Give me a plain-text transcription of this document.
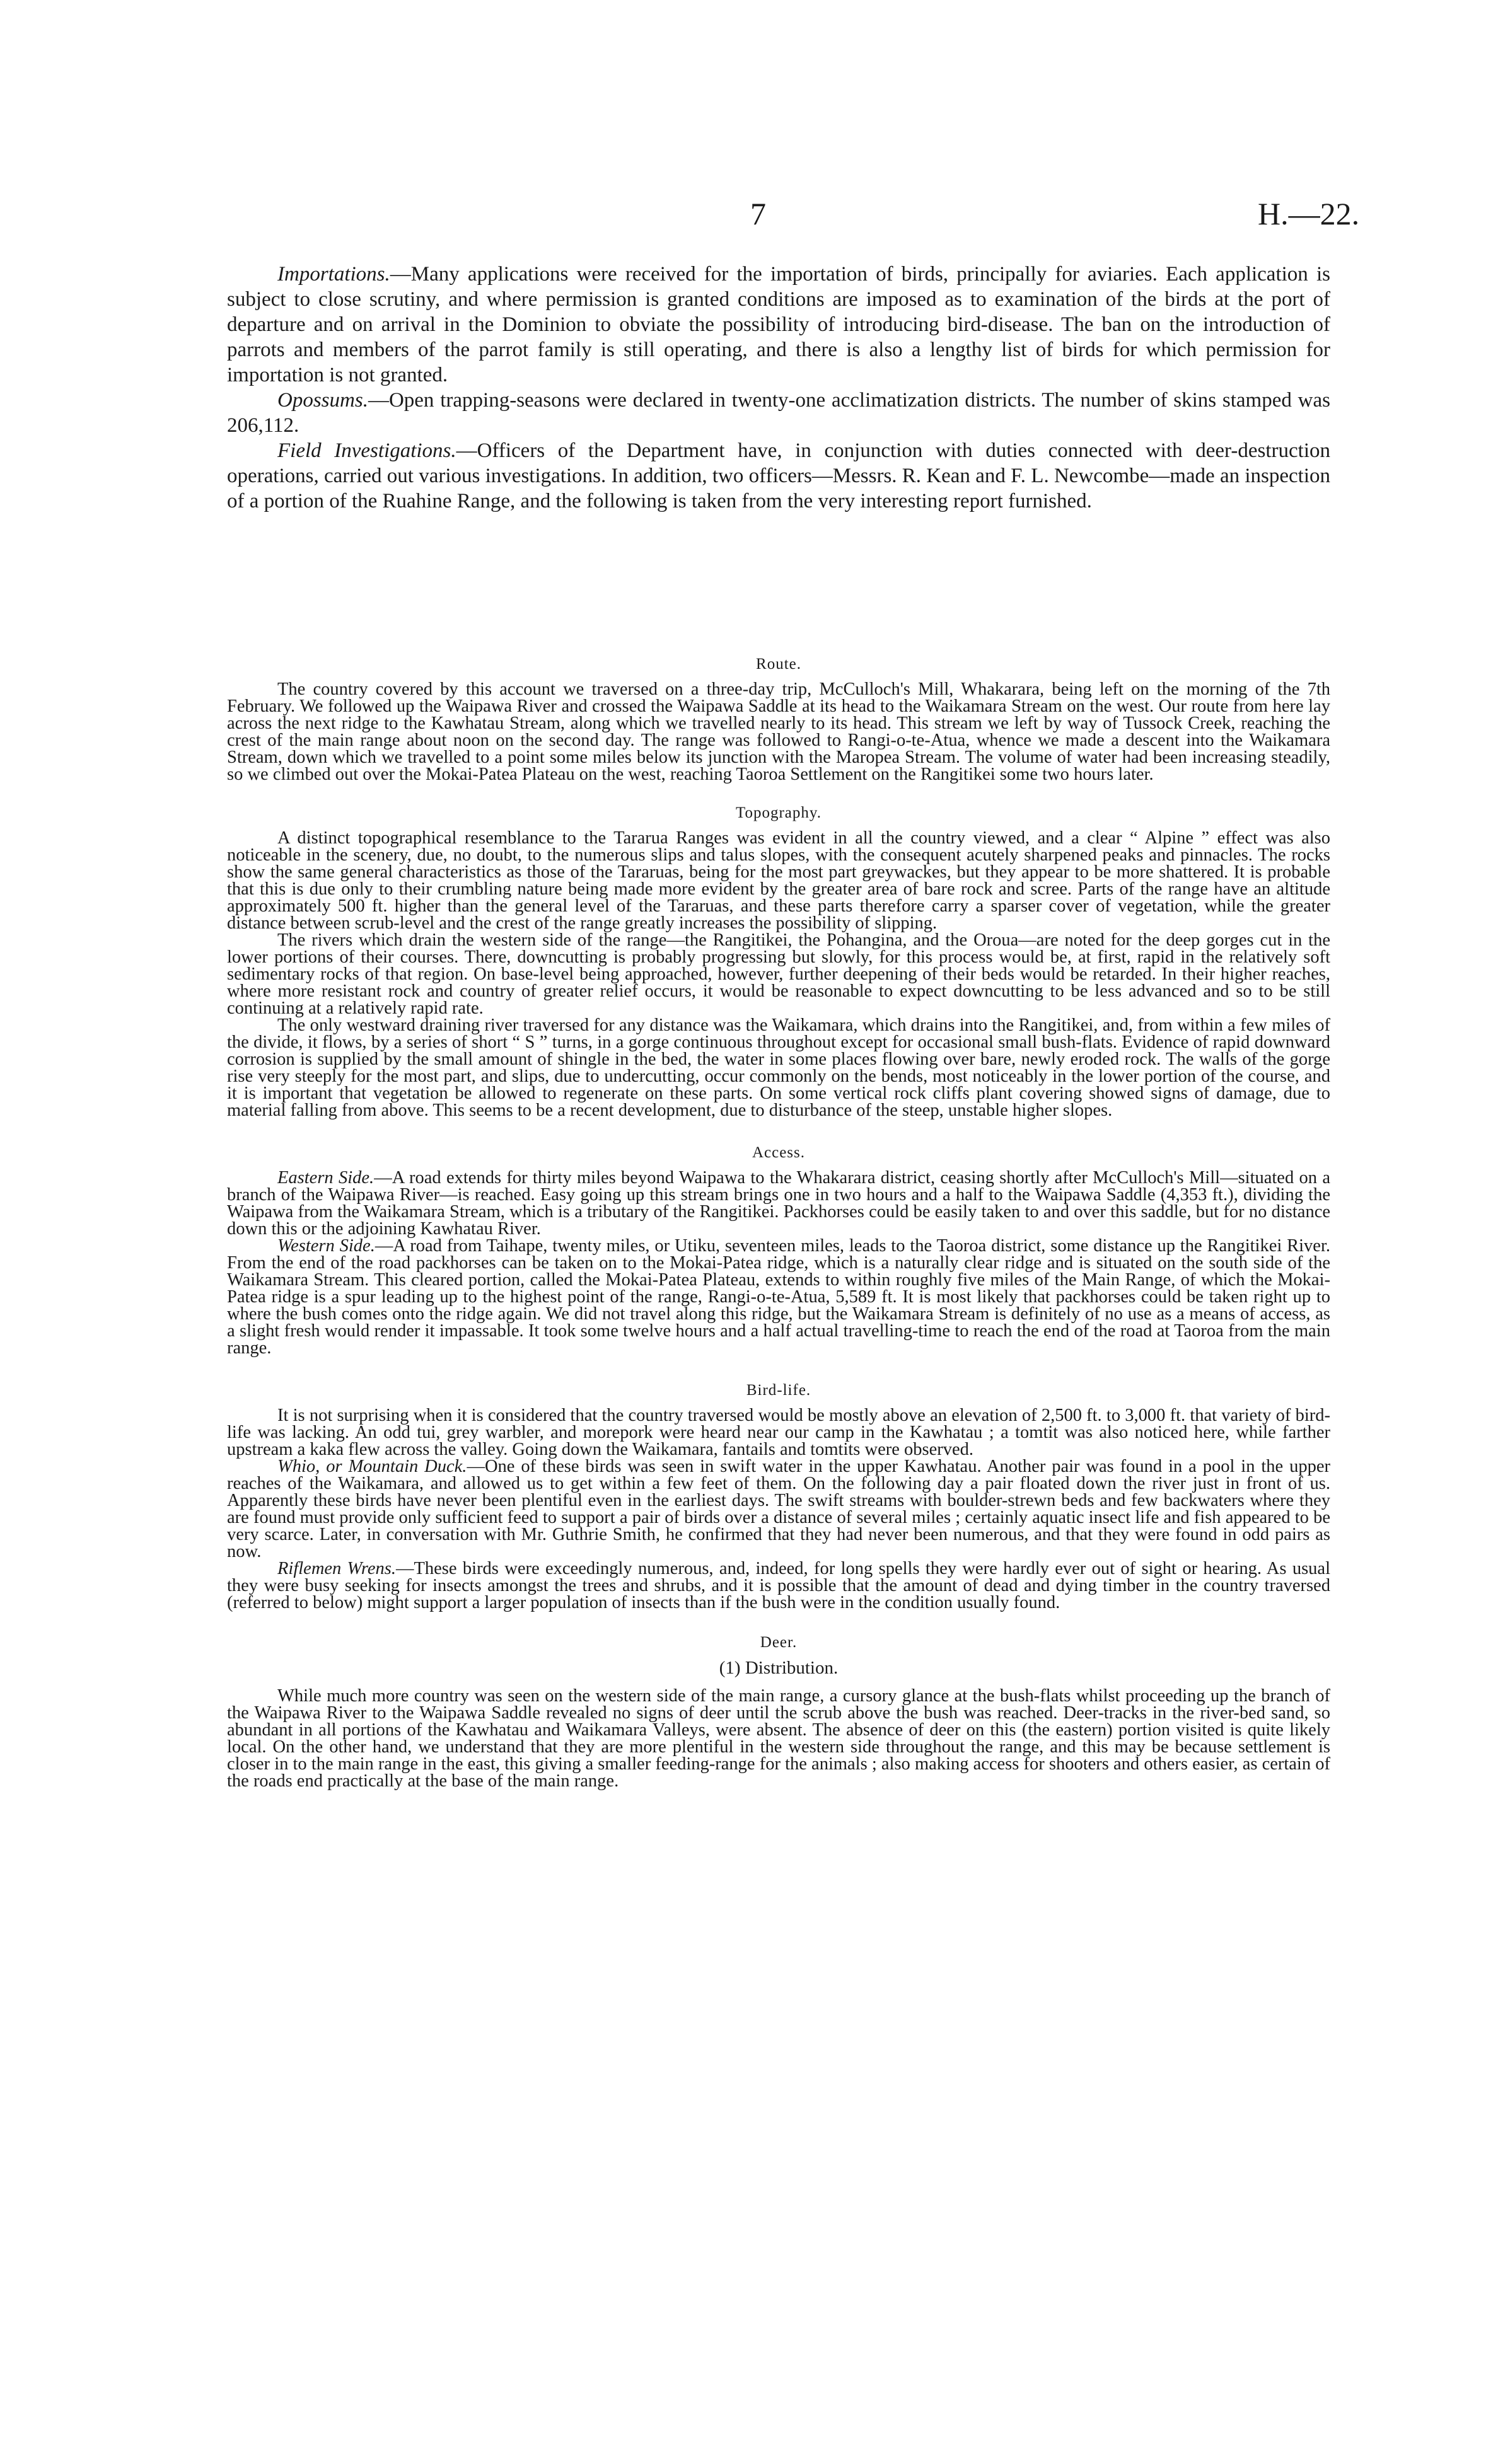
7	H.—22.

Importations.—Many applications were received for the importation of birds, principally for aviaries. Each application is subject to close scrutiny, and where permission is granted conditions are imposed as to examination of the birds at the port of departure and on arrival in the Dominion to obviate the possibility of introducing bird-disease. The ban on the introduction of parrots and members of the parrot family is still operating, and there is also a lengthy list of birds for which permission for importation is not granted.

Opossums.—Open trapping-seasons were declared in twenty-one acclimatization districts. The number of skins stamped was 206,112.

Field Investigations.—Officers of the Department have, in conjunction with duties connected with deer-destruction operations, carried out various investigations. In addition, two officers—Messrs. R. Kean and F. L. Newcombe—made an inspection of a portion of the Ruahine Range, and the following is taken from the very interesting report furnished.

Route.

The country covered by this account we traversed on a three-day trip, McCulloch's Mill, Whakarara, being left on the morning of the 7th February. We followed up the Waipawa River and crossed the Waipawa Saddle at its head to the Waikamara Stream on the west. Our route from here lay across the next ridge to the Kawhatau Stream, along which we travelled nearly to its head. This stream we left by way of Tussock Creek, reaching the crest of the main range about noon on the second day. The range was followed to Rangi-o-te-Atua, whence we made a descent into the Waikamara Stream, down which we travelled to a point some miles below its junction with the Maropea Stream. The volume of water had been increasing steadily, so we climbed out over the Mokai-Patea Plateau on the west, reaching Taoroa Settlement on the Rangitikei some two hours later.

Topography.

A distinct topographical resemblance to the Tararua Ranges was evident in all the country viewed, and a clear “ Alpine ” effect was also noticeable in the scenery, due, no doubt, to the numerous slips and talus slopes, with the consequent acutely sharpened peaks and pinnacles. The rocks show the same general characteristics as those of the Tararuas, being for the most part greywackes, but they appear to be more shattered. It is probable that this is due only to their crumbling nature being made more evident by the greater area of bare rock and scree. Parts of the range have an altitude approximately 500 ft. higher than the general level of the Tararuas, and these parts therefore carry a sparser cover of vegetation, while the greater distance between scrub-level and the crest of the range greatly increases the possibility of slipping.

The rivers which drain the western side of the range—the Rangitikei, the Pohangina, and the Oroua—are noted for the deep gorges cut in the lower portions of their courses. There, downcutting is probably progressing but slowly, for this process would be, at first, rapid in the relatively soft sedimentary rocks of that region. On base-level being approached, however, further deepening of their beds would be retarded. In their higher reaches, where more resistant rock and country of greater relief occurs, it would be reasonable to expect downcutting to be less advanced and so to be still continuing at a relatively rapid rate.

The only westward draining river traversed for any distance was the Waikamara, which drains into the Rangitikei, and, from within a few miles of the divide, it flows, by a series of short “ S ” turns, in a gorge continuous throughout except for occasional small bush-flats. Evidence of rapid downward corrosion is supplied by the small amount of shingle in the bed, the water in some places flowing over bare, newly eroded rock. The walls of the gorge rise very steeply for the most part, and slips, due to undercutting, occur commonly on the bends, most noticeably in the lower portion of the course, and it is important that vegetation be allowed to regenerate on these parts. On some vertical rock cliffs plant covering showed signs of damage, due to material falling from above. This seems to be a recent development, due to disturbance of the steep, unstable higher slopes.

Access.

Eastern Side.—A road extends for thirty miles beyond Waipawa to the Whakarara district, ceasing shortly after McCulloch's Mill—situated on a branch of the Waipawa River—is reached. Easy going up this stream brings one in two hours and a half to the Waipawa Saddle (4,353 ft.), dividing the Waipawa from the Waikamara Stream, which is a tributary of the Rangitikei. Packhorses could be easily taken to and over this saddle, but for no distance down this or the adjoining Kawhatau River.

Western Side.—A road from Taihape, twenty miles, or Utiku, seventeen miles, leads to the Taoroa district, some distance up the Rangitikei River. From the end of the road packhorses can be taken on to the Mokai-Patea ridge, which is a naturally clear ridge and is situated on the south side of the Waikamara Stream. This cleared portion, called the Mokai-Patea Plateau, extends to within roughly five miles of the Main Range, of which the Mokai-Patea ridge is a spur leading up to the highest point of the range, Rangi-o-te-Atua, 5,589 ft. It is most likely that packhorses could be taken right up to where the bush comes onto the ridge again. We did not travel along this ridge, but the Waikamara Stream is definitely of no use as a means of access, as a slight fresh would render it impassable. It took some twelve hours and a half actual travelling-time to reach the end of the road at Taoroa from the main range.

Bird-life.

It is not surprising when it is considered that the country traversed would be mostly above an elevation of 2,500 ft. to 3,000 ft. that variety of bird-life was lacking. An odd tui, grey warbler, and morepork were heard near our camp in the Kawhatau ; a tomtit was also noticed here, while farther upstream a kaka flew across the valley. Going down the Waikamara, fantails and tomtits were observed.

Whio, or Mountain Duck.—One of these birds was seen in swift water in the upper Kawhatau. Another pair was found in a pool in the upper reaches of the Waikamara, and allowed us to get within a few feet of them. On the following day a pair floated down the river just in front of us. Apparently these birds have never been plentiful even in the earliest days. The swift streams with boulder-strewn beds and few backwaters where they are found must provide only sufficient feed to support a pair of birds over a distance of several miles ; certainly aquatic insect life and fish appeared to be very scarce. Later, in conversation with Mr. Guthrie Smith, he confirmed that they had never been numerous, and that they were found in odd pairs as now.

Riflemen Wrens.—These birds were exceedingly numerous, and, indeed, for long spells they were hardly ever out of sight or hearing. As usual they were busy seeking for insects amongst the trees and shrubs, and it is possible that the amount of dead and dying timber in the country traversed (referred to below) might support a larger population of insects than if the bush were in the condition usually found.

Deer.
(1) Distribution.

While much more country was seen on the western side of the main range, a cursory glance at the bush-flats whilst proceeding up the branch of the Waipawa River to the Waipawa Saddle revealed no signs of deer until the scrub above the bush was reached. Deer-tracks in the river-bed sand, so abundant in all portions of the Kawhatau and Waikamara Valleys, were absent. The absence of deer on this (the eastern) portion visited is quite likely local. On the other hand, we understand that they are more plentiful in the western side throughout the range, and this may be because settlement is closer in to the main range in the east, this giving a smaller feeding-range for the animals ; also making access for shooters and others easier, as certain of the roads end practically at the base of the main range.
